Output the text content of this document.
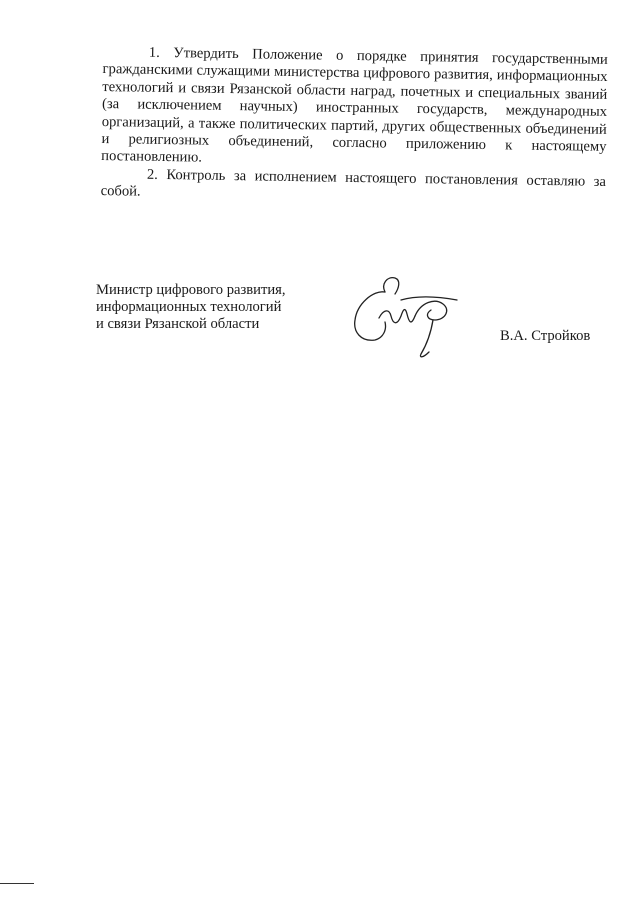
1. Утвердить Положение о порядке принятия государственными гражданскими служащими министерства цифрового развития, информационных технологий и связи Рязанской области наград, почетных и специальных званий (за исключением научных) иностранных государств, международных организаций, а также политических партий, других общественных объединений и религиозных объединений, согласно приложению к настоящему постановлению.

2. Контроль за исполнением настоящего постановления оставляю за собой.

Министр цифрового развития,
информационных технологий
и связи Рязанской области
В.А. Стройков
